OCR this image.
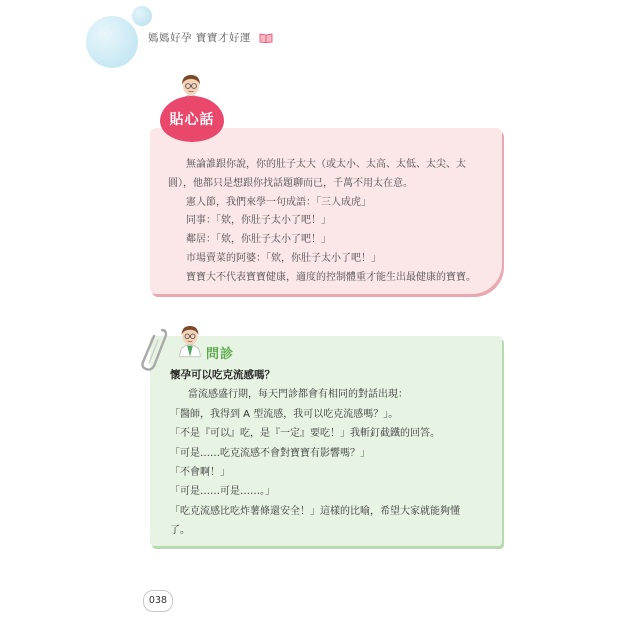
媽媽好孕 寶寶才好運
貼心話

無論誰跟你說，你的肚子太大（或太小、太高、太低、太尖、太

圓），他都只是想跟你找話題聊而已，千萬不用太在意。

憲人節，我們來學一句成語：「三人成虎」

同事：「欸，你肚子太小了吧！」

鄰居：「欸，你肚子太小了吧！」

市場賣菜的阿婆：「欸，你肚子太小了吧！」

寶寶大不代表寶寶健康，適度的控制體重才能生出最健康的寶寶。

問診

懷孕可以吃克流感嗎？

當流感盛行期，每天門診都會有相同的對話出現：

「醫師，我得到 A 型流感，我可以吃克流感嗎？」。

「不是『可以』吃，是『一定』要吃！」我斬釘截鐵的回答。

「可是……吃克流感不會對寶寶有影響嗎？」

「不會啊！」

「可是……可是……。」

「吃克流感比吃炸薯條還安全！」這樣的比喻，希望大家就能夠懂

了。

038
